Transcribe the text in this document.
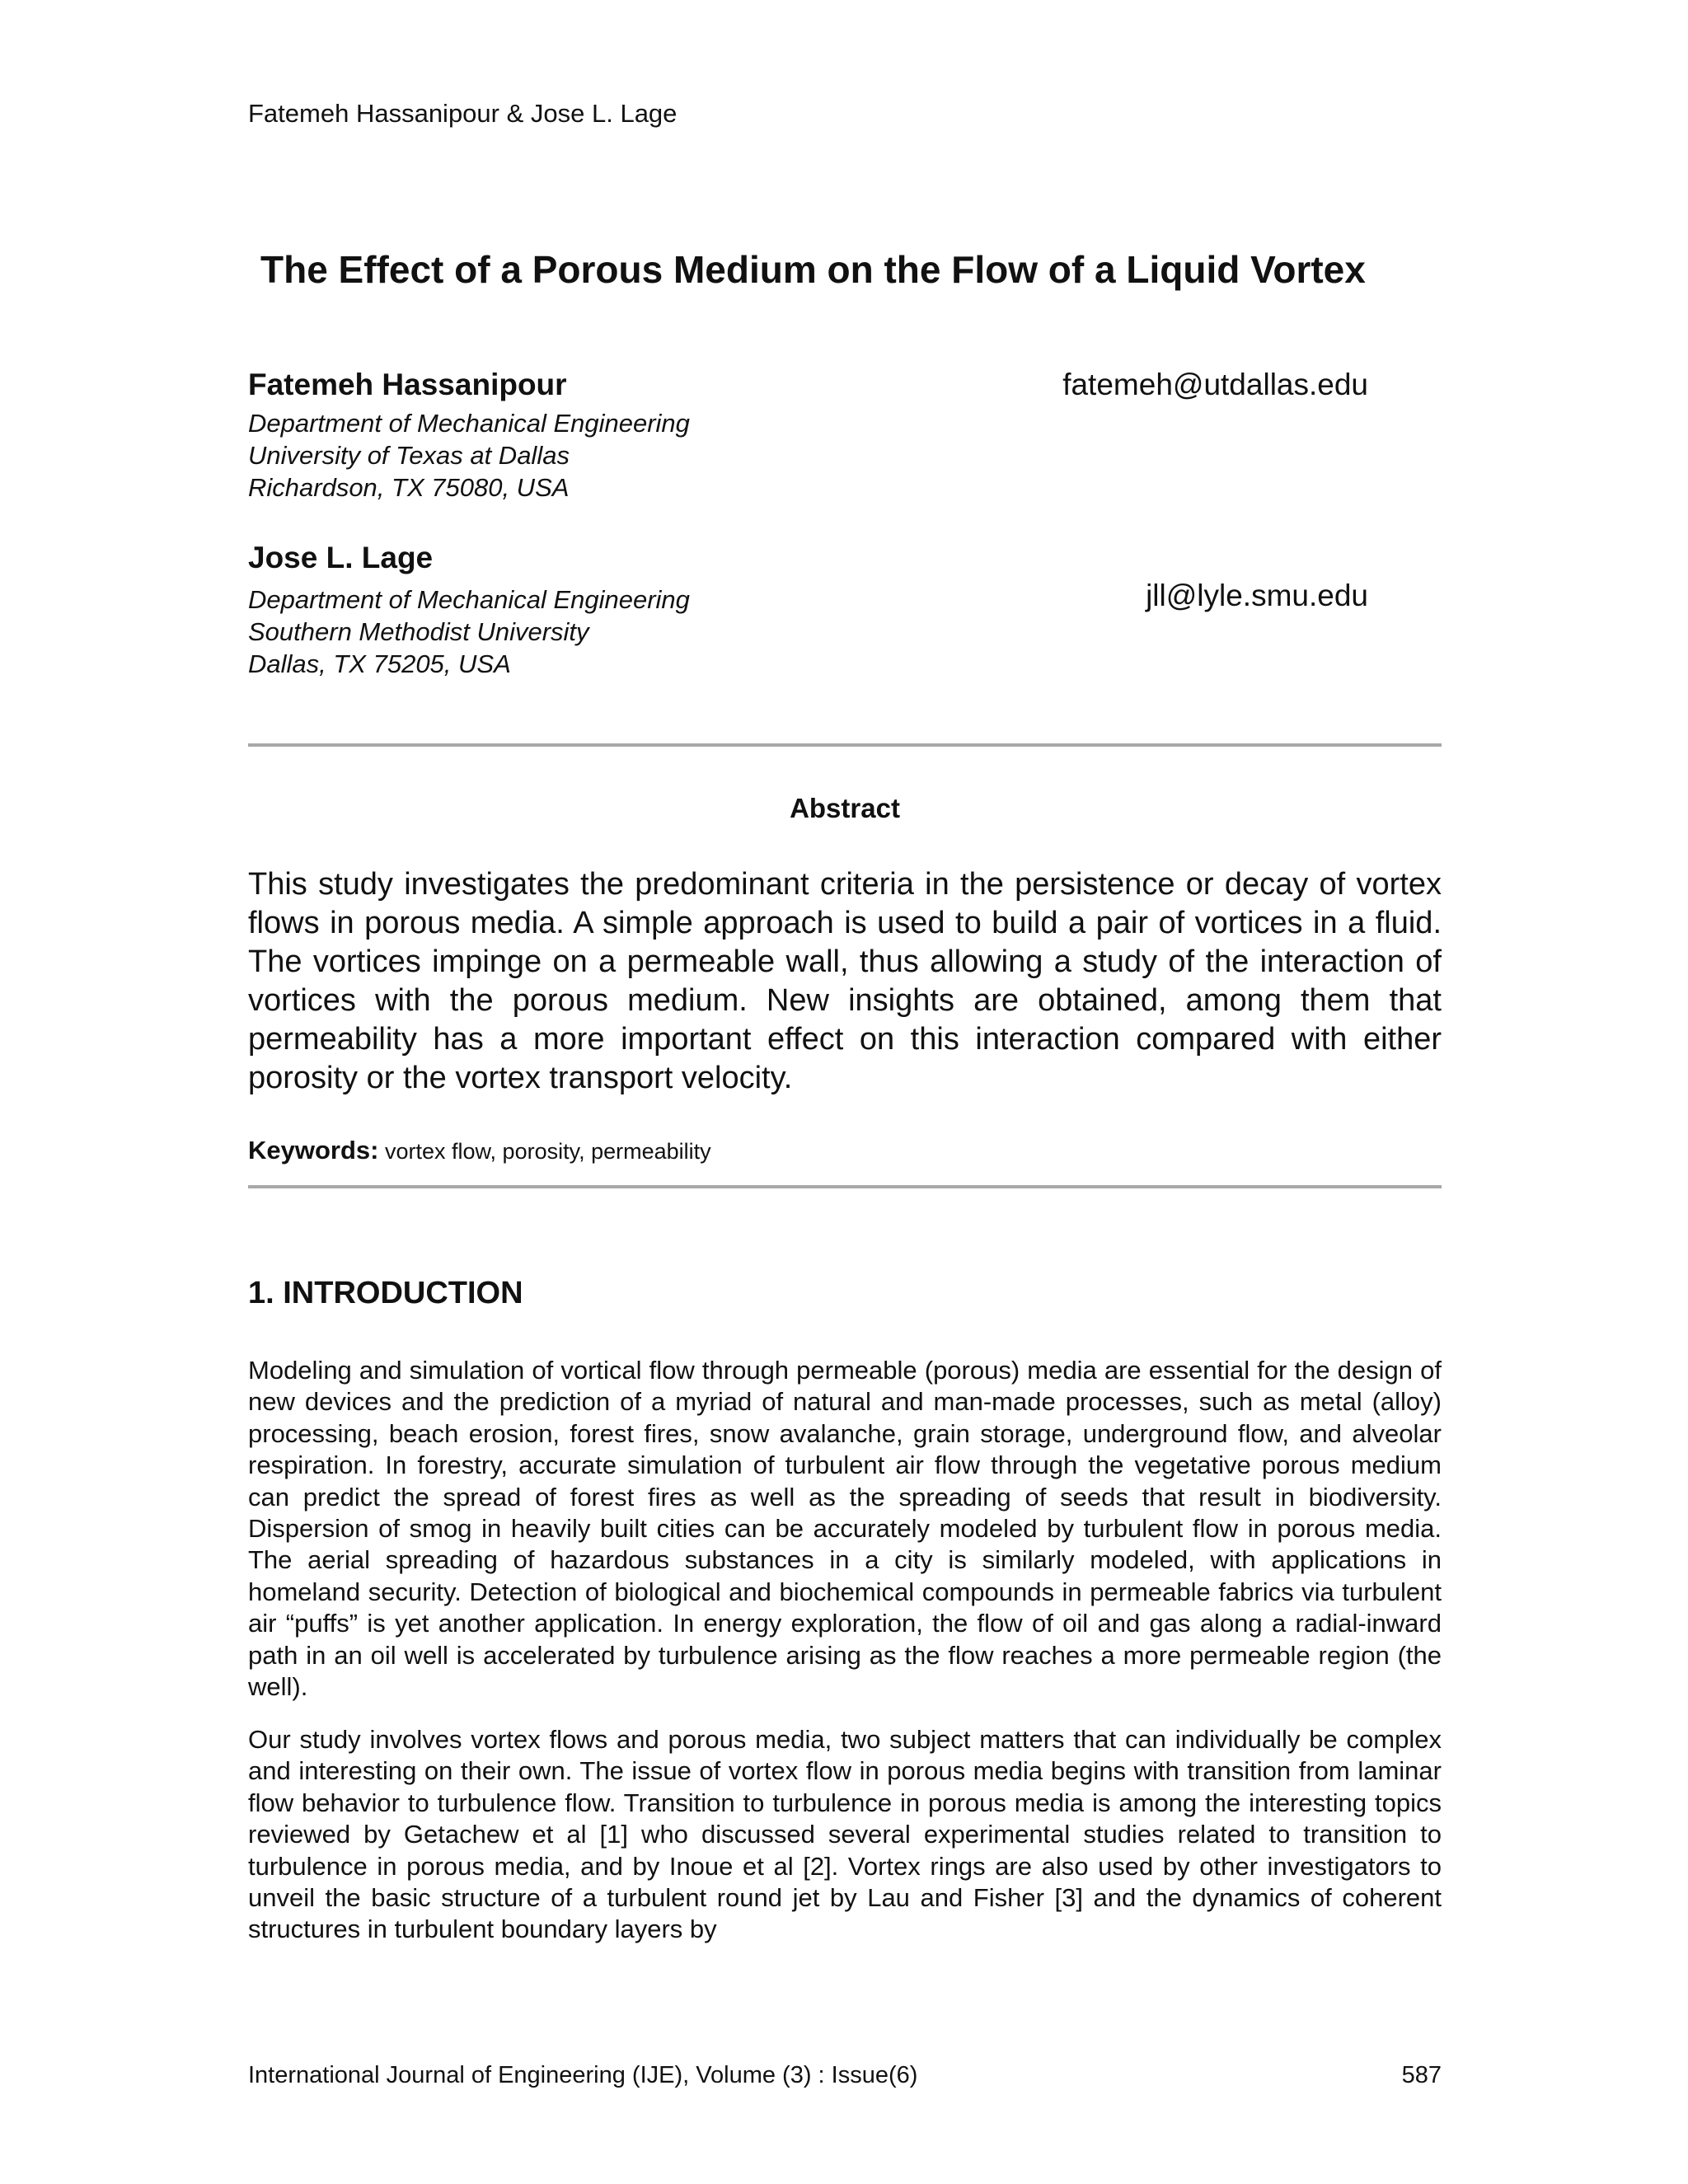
Fatemeh Hassanipour & Jose L. Lage
The Effect of a Porous Medium on the Flow of a Liquid Vortex
Fatemeh Hassanipour	fatemeh@utdallas.edu
Department of Mechanical Engineering
University of Texas at Dallas
Richardson, TX 75080, USA
Jose L. Lage
jll@lyle.smu.edu
Department of Mechanical Engineering
Southern Methodist University
Dallas, TX 75205, USA
Abstract
This study investigates the predominant criteria in the persistence or decay of vortex flows in porous media. A simple approach is used to build a pair of vortices in a fluid. The vortices impinge on a permeable wall, thus allowing a study of the interaction of vortices with the porous medium. New insights are obtained, among them that permeability has a more important effect on this interaction compared with either porosity or the vortex transport velocity.
Keywords: vortex flow, porosity, permeability
1. INTRODUCTION

Modeling and simulation of vortical flow through permeable (porous) media are essential for the design of new devices and the prediction of a myriad of natural and man-made processes, such as metal (alloy) processing, beach erosion, forest fires, snow avalanche, grain storage, underground flow, and alveolar respiration. In forestry, accurate simulation of turbulent air flow through the vegetative porous medium can predict the spread of forest fires as well as the spreading of seeds that result in biodiversity. Dispersion of smog in heavily built cities can be accurately modeled by turbulent flow in porous media. The aerial spreading of hazardous substances in a city is similarly modeled, with applications in homeland security. Detection of biological and biochemical compounds in permeable fabrics via turbulent air “puffs” is yet another application. In energy exploration, the flow of oil and gas along a radial-inward path in an oil well is accelerated by turbulence arising as the flow reaches a more permeable region (the well).

Our study involves vortex flows and porous media, two subject matters that can individually be complex and interesting on their own. The issue of vortex flow in porous media begins with transition from laminar flow behavior to turbulence flow. Transition to turbulence in porous media is among the interesting topics reviewed by Getachew et al [1] who discussed several experimental studies related to transition to turbulence in porous media, and by Inoue et al [2]. Vortex rings are also used by other investigators to unveil the basic structure of a turbulent round jet by Lau and Fisher [3] and the dynamics of coherent structures in turbulent boundary layers by

International Journal of Engineering (IJE), Volume (3) : Issue(6)	587
